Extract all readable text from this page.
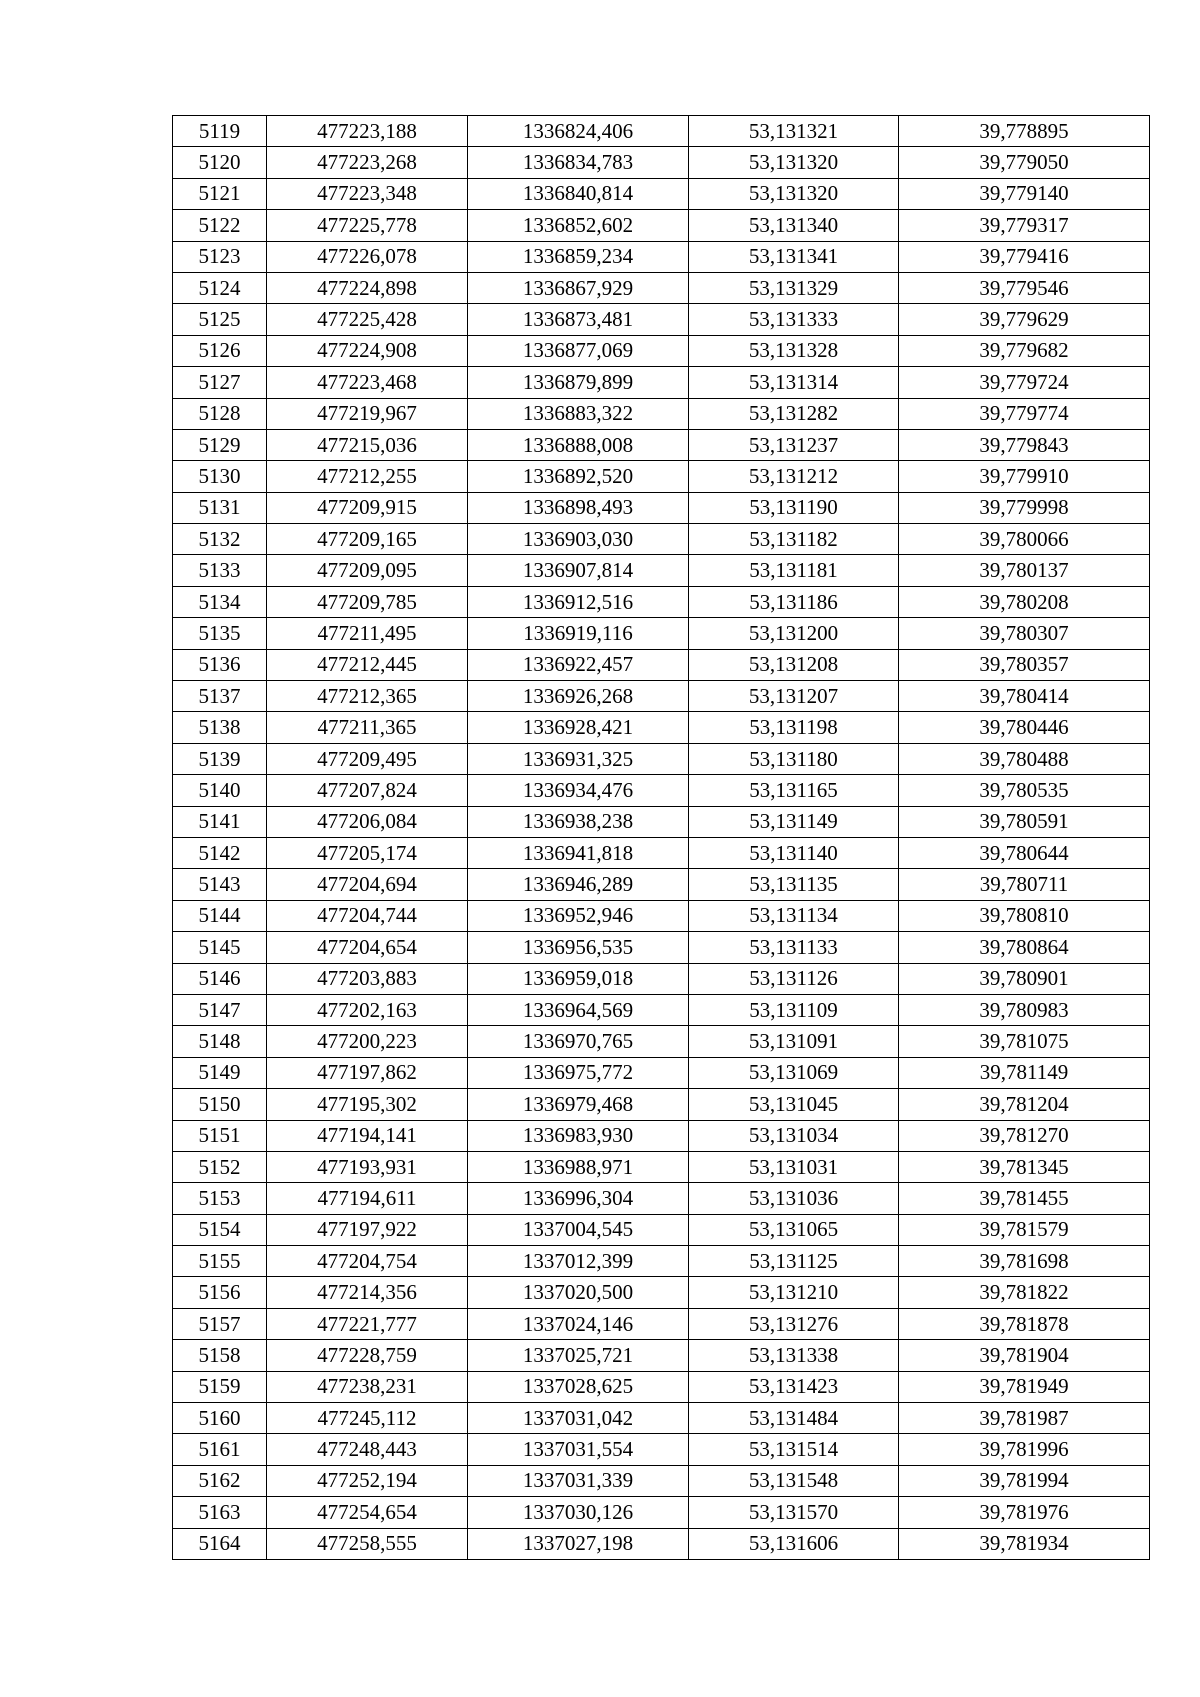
5119	477223,188	1336824,406	53,131321	39,778895
5120	477223,268	1336834,783	53,131320	39,779050
5121	477223,348	1336840,814	53,131320	39,779140
5122	477225,778	1336852,602	53,131340	39,779317
5123	477226,078	1336859,234	53,131341	39,779416
5124	477224,898	1336867,929	53,131329	39,779546
5125	477225,428	1336873,481	53,131333	39,779629
5126	477224,908	1336877,069	53,131328	39,779682
5127	477223,468	1336879,899	53,131314	39,779724
5128	477219,967	1336883,322	53,131282	39,779774
5129	477215,036	1336888,008	53,131237	39,779843
5130	477212,255	1336892,520	53,131212	39,779910
5131	477209,915	1336898,493	53,131190	39,779998
5132	477209,165	1336903,030	53,131182	39,780066
5133	477209,095	1336907,814	53,131181	39,780137
5134	477209,785	1336912,516	53,131186	39,780208
5135	477211,495	1336919,116	53,131200	39,780307
5136	477212,445	1336922,457	53,131208	39,780357
5137	477212,365	1336926,268	53,131207	39,780414
5138	477211,365	1336928,421	53,131198	39,780446
5139	477209,495	1336931,325	53,131180	39,780488
5140	477207,824	1336934,476	53,131165	39,780535
5141	477206,084	1336938,238	53,131149	39,780591
5142	477205,174	1336941,818	53,131140	39,780644
5143	477204,694	1336946,289	53,131135	39,780711
5144	477204,744	1336952,946	53,131134	39,780810
5145	477204,654	1336956,535	53,131133	39,780864
5146	477203,883	1336959,018	53,131126	39,780901
5147	477202,163	1336964,569	53,131109	39,780983
5148	477200,223	1336970,765	53,131091	39,781075
5149	477197,862	1336975,772	53,131069	39,781149
5150	477195,302	1336979,468	53,131045	39,781204
5151	477194,141	1336983,930	53,131034	39,781270
5152	477193,931	1336988,971	53,131031	39,781345
5153	477194,611	1336996,304	53,131036	39,781455
5154	477197,922	1337004,545	53,131065	39,781579
5155	477204,754	1337012,399	53,131125	39,781698
5156	477214,356	1337020,500	53,131210	39,781822
5157	477221,777	1337024,146	53,131276	39,781878
5158	477228,759	1337025,721	53,131338	39,781904
5159	477238,231	1337028,625	53,131423	39,781949
5160	477245,112	1337031,042	53,131484	39,781987
5161	477248,443	1337031,554	53,131514	39,781996
5162	477252,194	1337031,339	53,131548	39,781994
5163	477254,654	1337030,126	53,131570	39,781976
5164	477258,555	1337027,198	53,131606	39,781934
